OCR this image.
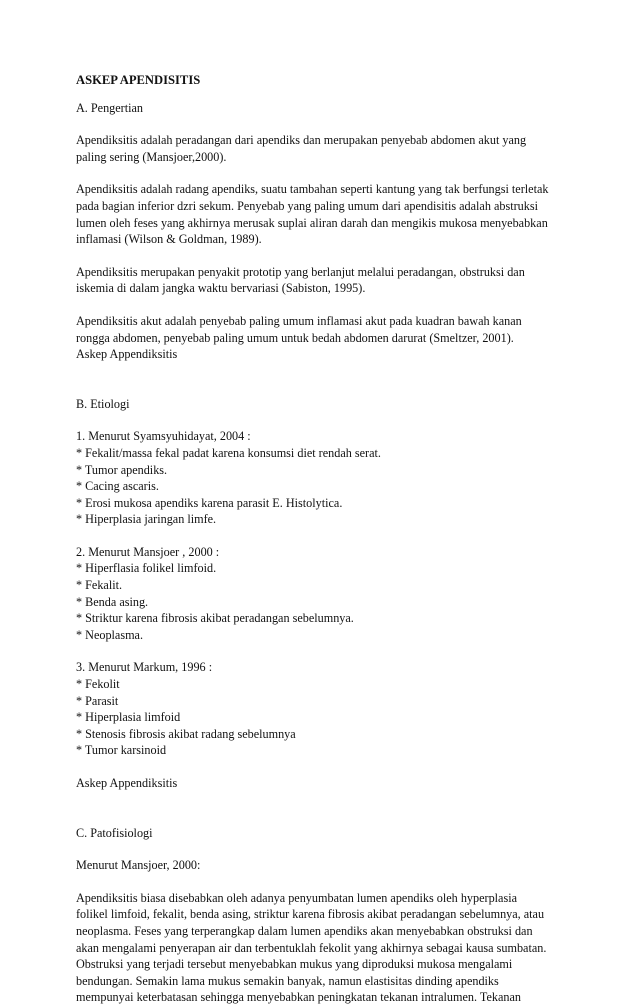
ASKEP APENDISITIS

A. Pengertian

Apendiksitis adalah peradangan dari apendiks dan merupakan penyebab abdomen akut yang
paling sering (Mansjoer,2000).

Apendiksitis adalah radang apendiks, suatu tambahan seperti kantung yang tak berfungsi terletak
pada bagian inferior dzri sekum. Penyebab yang paling umum dari apendisitis adalah abstruksi
lumen oleh feses yang akhirnya merusak suplai aliran darah dan mengikis mukosa menyebabkan
inflamasi (Wilson & Goldman, 1989).

Apendiksitis merupakan penyakit prototip yang berlanjut melalui peradangan, obstruksi dan
iskemia di dalam jangka waktu bervariasi (Sabiston, 1995).

Apendiksitis akut adalah penyebab paling umum inflamasi akut pada kuadran bawah kanan
rongga abdomen, penyebab paling umum untuk bedah abdomen darurat (Smeltzer, 2001).
Askep Appendiksitis

B. Etiologi

1. Menurut Syamsyuhidayat, 2004 :
* Fekalit/massa fekal padat karena konsumsi diet rendah serat.
* Tumor apendiks.
* Cacing ascaris.
* Erosi mukosa apendiks karena parasit E. Histolytica.
* Hiperplasia jaringan limfe.

2. Menurut Mansjoer , 2000 :
* Hiperflasia folikel limfoid.
* Fekalit.
* Benda asing.
* Striktur karena fibrosis akibat peradangan sebelumnya.
* Neoplasma.

3. Menurut Markum, 1996 :
* Fekolit
* Parasit
* Hiperplasia limfoid
* Stenosis fibrosis akibat radang sebelumnya
* Tumor karsinoid

Askep Appendiksitis

C. Patofisiologi

Menurut Mansjoer, 2000:

Apendiksitis biasa disebabkan oleh adanya penyumbatan lumen apendiks oleh hyperplasia
folikel limfoid, fekalit, benda asing, striktur karena fibrosis akibat peradangan sebelumnya, atau
neoplasma. Feses yang terperangkap dalam lumen apendiks akan menyebabkan obstruksi dan
akan mengalami penyerapan air dan terbentuklah fekolit yang akhirnya sebagai kausa sumbatan.
Obstruksi yang terjadi tersebut menyebabkan mukus yang diproduksi mukosa mengalami
bendungan. Semakin lama mukus semakin banyak, namun elastisitas dinding apendiks
mempunyai keterbatasan sehingga menyebabkan peningkatan tekanan intralumen. Tekanan
